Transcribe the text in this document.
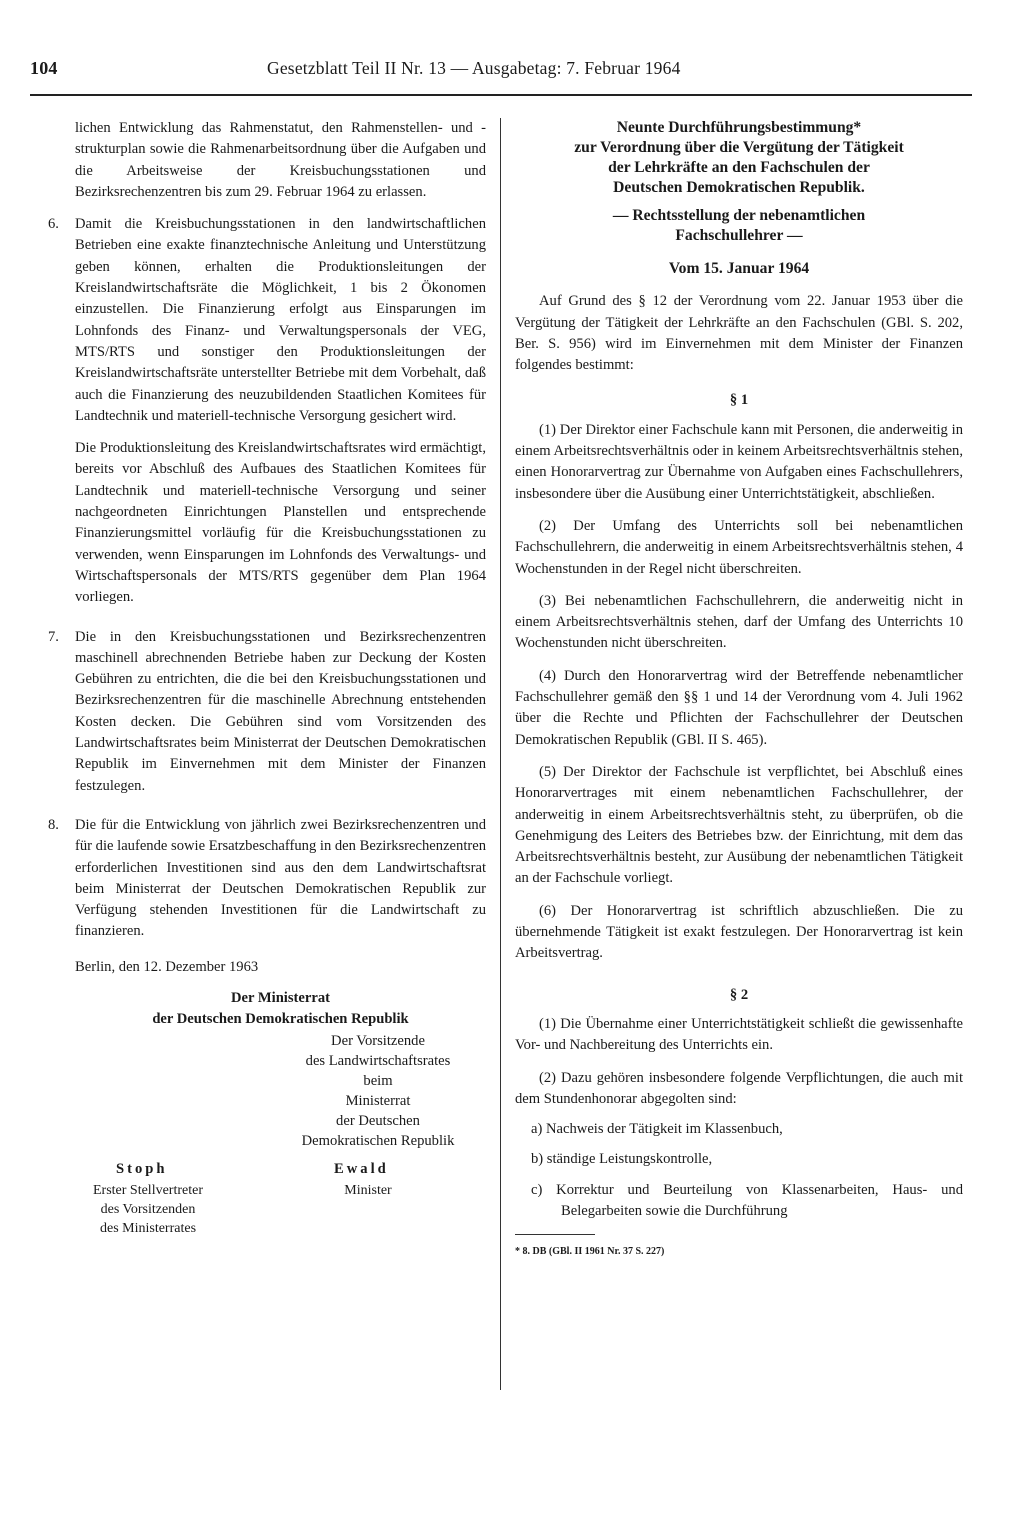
104	Gesetzblatt Teil II Nr. 13 — Ausgabetag: 7. Februar 1964

lichen Entwicklung das Rahmenstatut, den Rahmenstellen- und -strukturplan sowie die Rahmenarbeitsordnung über die Aufgaben und die Arbeitsweise der Kreisbuchungsstationen und Bezirksrechenzentren bis zum 29. Februar 1964 zu erlassen.

6. Damit die Kreisbuchungsstationen in den landwirtschaftlichen Betrieben eine exakte finanztechnische Anleitung und Unterstützung geben können, erhalten die Produktionsleitungen der Kreislandwirtschaftsräte die Möglichkeit, 1 bis 2 Ökonomen einzustellen. Die Finanzierung erfolgt aus Einsparungen im Lohnfonds des Finanz- und Verwaltungspersonals der VEG, MTS/RTS und sonstiger den Produktionsleitungen der Kreislandwirtschaftsräte unterstellter Betriebe mit dem Vorbehalt, daß auch die Finanzierung des neuzubildenden Staatlichen Komitees für Landtechnik und materiell-technische Versorgung gesichert wird.

Die Produktionsleitung des Kreislandwirtschaftsrates wird ermächtigt, bereits vor Abschluß des Aufbaues des Staatlichen Komitees für Landtechnik und materiell-technische Versorgung und seiner nachgeordneten Einrichtungen Planstellen und entsprechende Finanzierungsmittel vorläufig für die Kreisbuchungsstationen zu verwenden, wenn Einsparungen im Lohnfonds des Verwaltungs- und Wirtschaftspersonals der MTS/RTS gegenüber dem Plan 1964 vorliegen.

7. Die in den Kreisbuchungsstationen und Bezirksrechenzentren maschinell abrechnenden Betriebe haben zur Deckung der Kosten Gebühren zu entrichten, die die bei den Kreisbuchungsstationen und Bezirksrechenzentren für die maschinelle Abrechnung entstehenden Kosten decken. Die Gebühren sind vom Vorsitzenden des Landwirtschaftsrates beim Ministerrat der Deutschen Demokratischen Republik im Einvernehmen mit dem Minister der Finanzen festzulegen.

8. Die für die Entwicklung von jährlich zwei Bezirksrechenzentren und für die laufende sowie Ersatzbeschaffung in den Bezirksrechenzentren erforderlichen Investitionen sind aus den dem Landwirtschaftsrat beim Ministerrat der Deutschen Demokratischen Republik zur Verfügung stehenden Investitionen für die Landwirtschaft zu finanzieren.

Berlin, den 12. Dezember 1963

Der Ministerrat

der Deutschen Demokratischen Republik

Der Vorsitzende
des Landwirtschaftsrates
beim
Ministerrat
der Deutschen
Demokratischen Republik
Stoph
Erster Stellvertreter
des Vorsitzenden
des Ministerrates
Ewald
Minister
Neunte Durchführungsbestimmung*
zur Verordnung über die Vergütung der Tätigkeit
der Lehrkräfte an den Fachschulen der
Deutschen Demokratischen Republik.
— Rechtsstellung der nebenamtlichen
Fachschullehrer —

Vom 15. Januar 1964

Auf Grund des § 12 der Verordnung vom 22. Januar 1953 über die Vergütung der Tätigkeit der Lehrkräfte an den Fachschulen (GBl. S. 202, Ber. S. 956) wird im Einvernehmen mit dem Minister der Finanzen folgendes bestimmt:

§ 1

(1) Der Direktor einer Fachschule kann mit Personen, die anderweitig in einem Arbeitsrechtsverhältnis oder in keinem Arbeitsrechtsverhältnis stehen, einen Honorarvertrag zur Übernahme von Aufgaben eines Fachschullehrers, insbesondere über die Ausübung einer Unterrichtstätigkeit, abschließen.

(2) Der Umfang des Unterrichts soll bei nebenamtlichen Fachschullehrern, die anderweitig in einem Arbeitsrechtsverhältnis stehen, 4 Wochenstunden in der Regel nicht überschreiten.

(3) Bei nebenamtlichen Fachschullehrern, die anderweitig nicht in einem Arbeitsrechtsverhältnis stehen, darf der Umfang des Unterrichts 10 Wochenstunden nicht überschreiten.

(4) Durch den Honorarvertrag wird der Betreffende nebenamtlicher Fachschullehrer gemäß den §§ 1 und 14 der Verordnung vom 4. Juli 1962 über die Rechte und Pflichten der Fachschullehrer der Deutschen Demokratischen Republik (GBl. II S. 465).

(5) Der Direktor der Fachschule ist verpflichtet, bei Abschluß eines Honorarvertrages mit einem nebenamtlichen Fachschullehrer, der anderweitig in einem Arbeitsrechtsverhältnis steht, zu überprüfen, ob die Genehmigung des Leiters des Betriebes bzw. der Einrichtung, mit dem das Arbeitsrechtsverhältnis besteht, zur Ausübung der nebenamtlichen Tätigkeit an der Fachschule vorliegt.

(6) Der Honorarvertrag ist schriftlich abzuschließen. Die zu übernehmende Tätigkeit ist exakt festzulegen. Der Honorarvertrag ist kein Arbeitsvertrag.

§ 2

(1) Die Übernahme einer Unterrichtstätigkeit schließt die gewissenhafte Vor- und Nachbereitung des Unterrichts ein.

(2) Dazu gehören insbesondere folgende Verpflichtungen, die auch mit dem Stundenhonorar abgegolten sind:

a) Nachweis der Tätigkeit im Klassenbuch,

b) ständige Leistungskontrolle,

c) Korrektur und Beurteilung von Klassenarbeiten, Haus- und Belegarbeiten sowie die Durchführung

* 8. DB (GBl. II 1961 Nr. 37 S. 227)
